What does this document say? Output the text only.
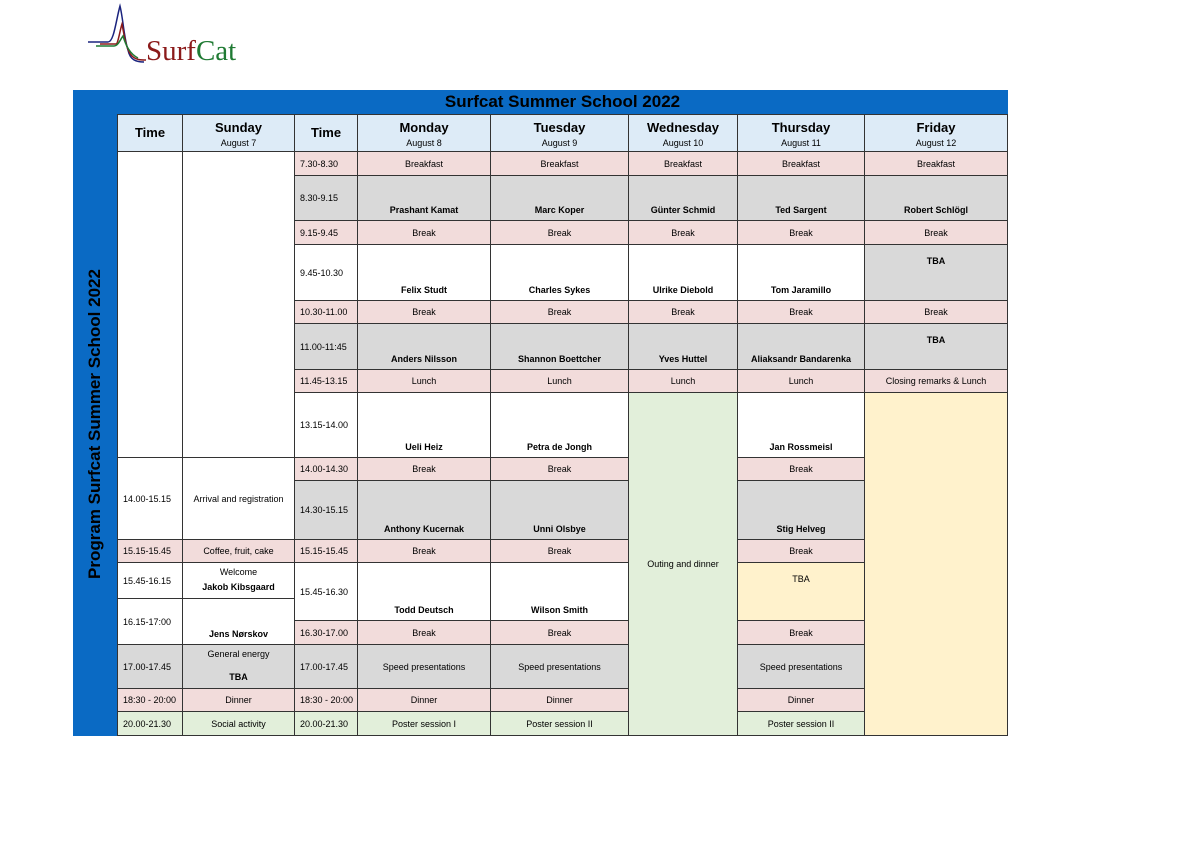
SurfCat
Surfcat Summer School 2022
Program Surfcat Summer School 2022
Time	Sunday
August 7
Time	Monday
August 8
Tuesday
August 9
Wednesday
August 10
Thursday
August 11
Friday
August 12
14.00-15.15
15.15-15.45
15.45-16.15
16.15-17:00
17.00-17.45
18:30 - 20:00
20.00-21.30
Arrival and registration
Coffee, fruit, cake
Welcome
Jakob Kibsgaard
Jens Nørskov
General energy
TBA
Dinner
Social activity
7.30-8.30
8.30-9.15
9.15-9.45
9.45-10.30
10.30-11.00
11.00-11:45
11.45-13.15
13.15-14.00
14.00-14.30
14.30-15.15
15.15-15.45
15.45-16.30
16.30-17.00
17.00-17.45
18:30 - 20:00
20.00-21.30
Breakfast
Prashant Kamat
Break
Felix Studt
Break
Anders Nilsson
Lunch
Ueli Heiz
Break
Anthony Kucernak
Break
Todd Deutsch
Break
Speed presentations
Dinner
Poster session I
Breakfast
Marc Koper
Break
Charles Sykes
Break
Shannon Boettcher
Lunch
Petra de Jongh
Break
Unni Olsbye
Break
Wilson Smith
Break
Speed presentations
Dinner
Poster session II
Breakfast
Günter Schmid
Break
Ulrike Diebold
Break
Yves Huttel
Lunch
Outing and dinner
Breakfast
Ted Sargent
Break
Tom Jaramillo
Break
Aliaksandr Bandarenka
Lunch
Jan Rossmeisl
Break
Stig Helveg
Break
TBA
Break
Speed presentations
Dinner
Poster session II
Breakfast
Robert Schlögl
Break
TBA
Break
TBA
Closing remarks & Lunch
